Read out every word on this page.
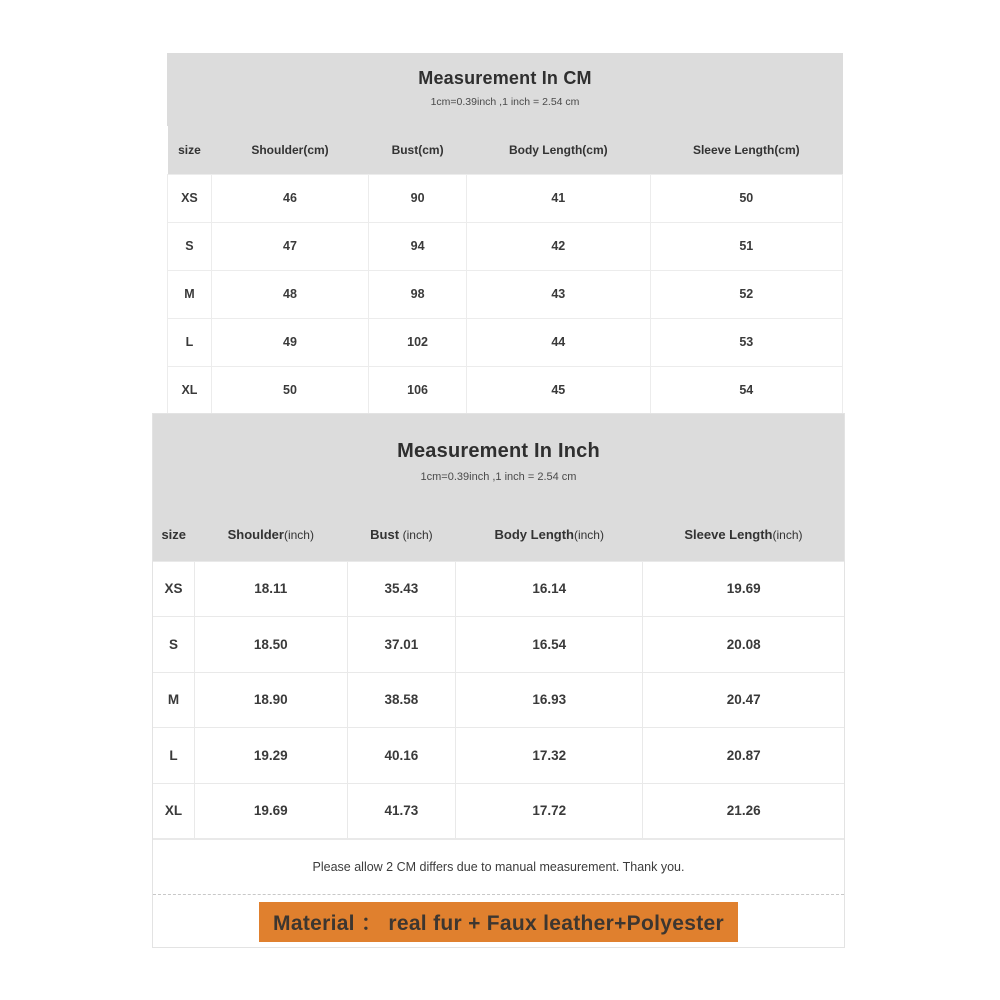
Measurement In CM
1cm=0.39inch ,1 inch = 2.54 cm
size	Shoulder(cm)	Bust(cm)	Body Length(cm)	Sleeve Length(cm)
XS	46	90	41	50
S	47	94	42	51
M	48	98	43	52
L	49	102	44	53
XL	50	106	45	54
Measurement In Inch
1cm=0.39inch ,1 inch = 2.54 cm
size	Shoulder(inch)	Bust (inch)	Body Length(inch)	Sleeve Length(inch)
XS	18.11	35.43	16.14	19.69
S	18.50	37.01	16.54	20.08
M	18.90	38.58	16.93	20.47
L	19.29	40.16	17.32	20.87
XL	19.69	41.73	17.72	21.26
Please allow 2 CM differs due to manual measurement. Thank you.
Material ： real fur + Faux leather+Polyester
